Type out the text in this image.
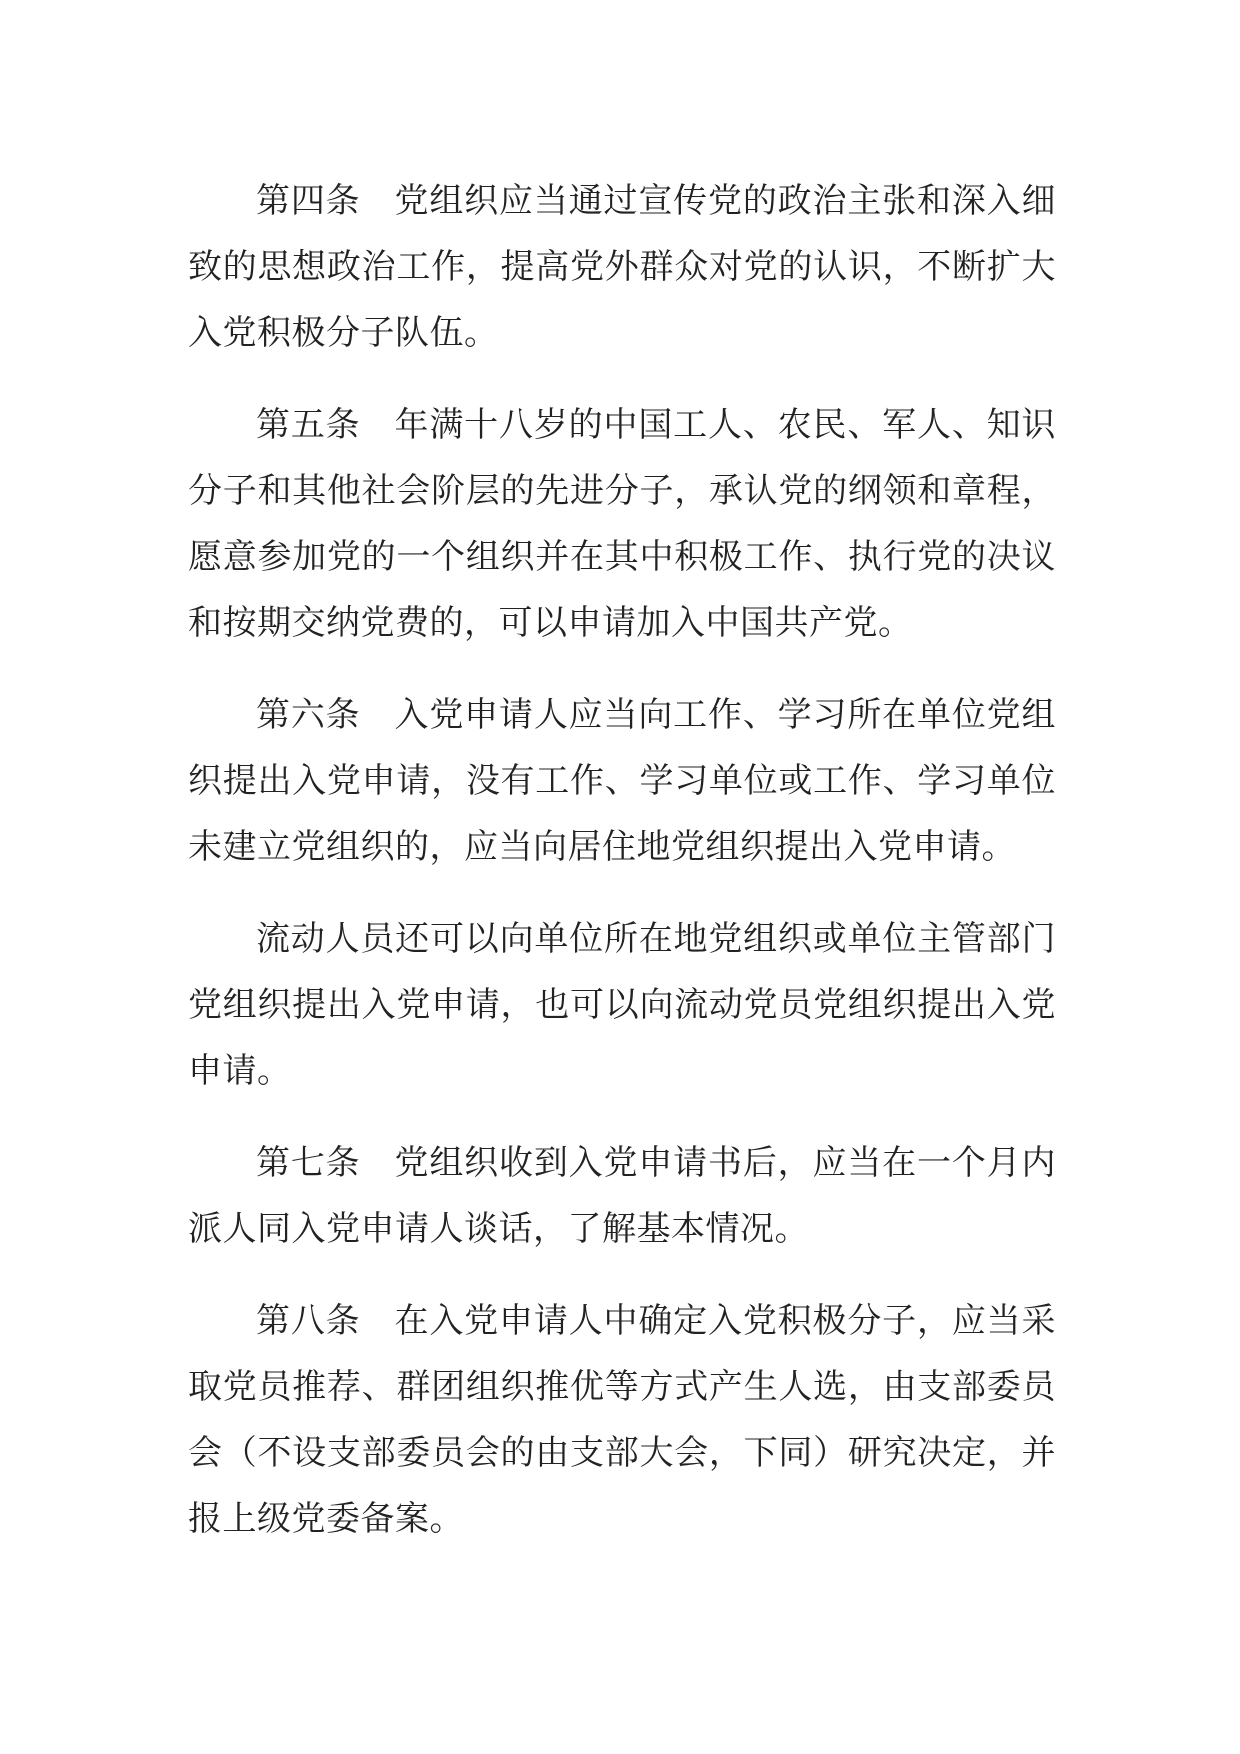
第四条 党组织应当通过宣传党的政治主张和深入细致的思想政治工作，提高党外群众对党的认识，不断扩大入党积极分子队伍。

第五条 年满十八岁的中国工人、农民、军人、知识分子和其他社会阶层的先进分子，承认党的纲领和章程，愿意参加党的一个组织并在其中积极工作、执行党的决议和按期交纳党费的，可以申请加入中国共产党。

第六条 入党申请人应当向工作、学习所在单位党组织提出入党申请，没有工作、学习单位或工作、学习单位未建立党组织的，应当向居住地党组织提出入党申请。

流动人员还可以向单位所在地党组织或单位主管部门党组织提出入党申请，也可以向流动党员党组织提出入党申请。

第七条 党组织收到入党申请书后，应当在一个月内派人同入党申请人谈话，了解基本情况。

第八条 在入党申请人中确定入党积极分子，应当采取党员推荐、群团组织推优等方式产生人选，由支部委员会（不设支部委员会的由支部大会，下同）研究决定，并报上级党委备案。
